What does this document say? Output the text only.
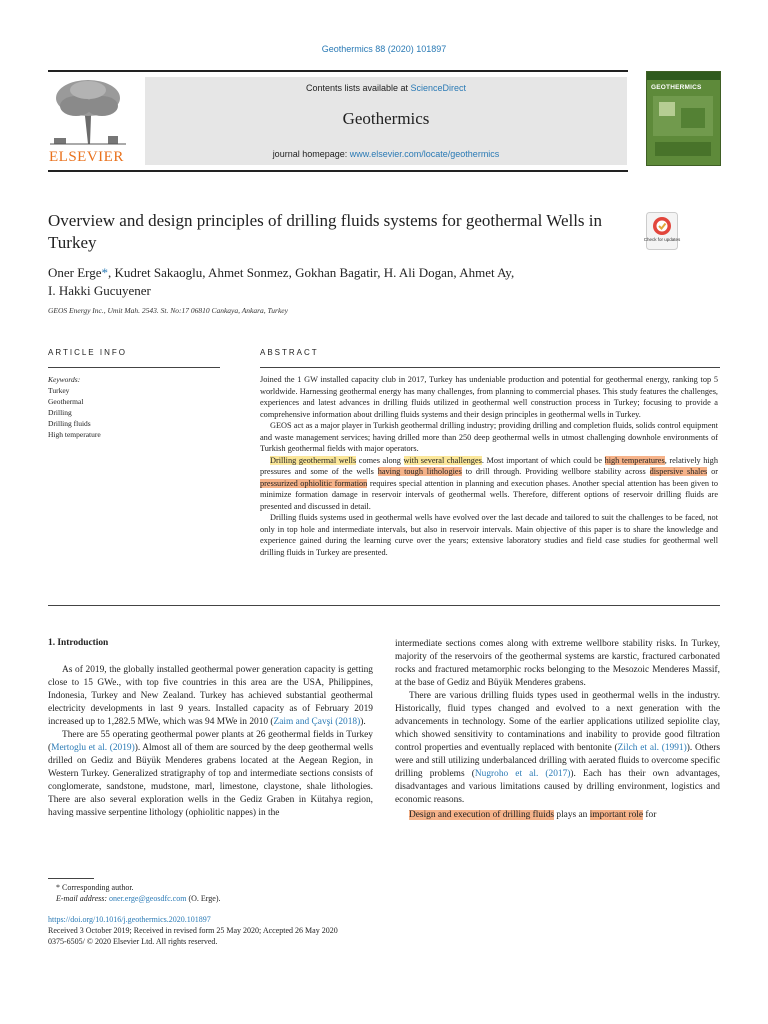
Geothermics 88 (2020) 101897
ELSEVIER
Contents lists available at ScienceDirect
Geothermics
journal homepage: www.elsevier.com/locate/geothermics
GEOTHERMICS
Overview and design principles of drilling fluids systems for geothermal Wells in Turkey	Check for updates
Oner Erge*, Kudret Sakaoglu, Ahmet Sonmez, Gokhan Bagatir, H. Ali Dogan, Ahmet Ay,
I. Hakki Gucuyener
GEOS Energy Inc., Umit Mah. 2543. St. No:17 06810 Cankaya, Ankara, Turkey
ARTICLE INFO	ABSTRACT
Keywords:
Turkey
Geothermal
Drilling
Drilling fluids
High temperature

Joined the 1 GW installed capacity club in 2017, Turkey has undeniable production and potential for geothermal energy, ranking top 5 worldwide. Harnessing geothermal energy has many challenges, from planning to commercial phases. This study features the challenges, experiences and latest advances in drilling fluids utilized in geothermal well construction process in Turkey; focusing to provide a comprehensive information about drilling fluids systems and their design principles in geothermal wells in Turkey.

GEOS act as a major player in Turkish geothermal drilling industry; providing drilling and completion fluids, solids control equipment and waste management services; having drilled more than 250 deep geothermal wells in utmost challenging downhole environments of Turkish geothermal fields with major operators.

Drilling geothermal wells comes along with several challenges. Most important of which could be high temperatures, relatively high pressures and some of the wells having tough lithologies to drill through. Providing wellbore stability across dispersive shales or pressurized ophiolitic formation requires special attention in planning and execution phases. Another special attention has been given to minimize formation damage in reservoir intervals of geothermal wells. Therefore, different options of reservoir drilling fluids are presented and discussed in detail.

Drilling fluids systems used in geothermal wells have evolved over the last decade and tailored to suit the challenges to be faced, not only in top hole and intermediate intervals, but also in reservoir intervals. Main objective of this paper is to share the knowledge and experience gained during the learning curve over the years; extensive laboratory studies and field case studies for geothermal well drilling fluids in Turkey are presented.

1. Introduction

As of 2019, the globally installed geothermal power generation capacity is getting close to 15 GWe., with top five countries in this area are the USA, Philippines, Indonesia, Turkey and New Zealand. Turkey has achieved substantial geothermal electricity developments in last 9 years. Installed capacity as of February 2019 increased up to 1,282.5 MWe, which was 94 MWe in 2010 (Zaim and Çavşi (2018)).

There are 55 operating geothermal power plants at 26 geothermal fields in Turkey (Mertoglu et al. (2019)). Almost all of them are sourced by the deep geothermal wells drilled on Gediz and Büyük Menderes grabens located at the Aegean Region, in Western Turkey. Generalized stratigraphy of top and intermediate sections consists of conglomerate, sandstone, mudstone, marl, limestone, claystone, shale lithologies. There are also several exploration wells in the Gediz Graben in Kütahya region, having massive serpentine lithology (ophiolitic nappes) in the

intermediate sections comes along with extreme wellbore stability risks. In Turkey, majority of the reservoirs of the geothermal systems are karstic, fractured carbonated rocks and fractured metamorphic rocks belonging to the Mesozoic Menderes Massif, at the base of Gediz and Büyük Menderes grabens.

There are various drilling fluids types used in geothermal wells in the industry. Historically, fluid types changed and evolved to a next generation with the advancements in technology. Some of the earlier applications utilized sepiolite clay, which showed sensitivity to contaminations and inability to provide good filtration control properties and eventually replaced with bentonite (Zilch et al. (1991)). Others were and still utilizing underbalanced drilling with aerated fluids to overcome specific drilling problems (Nugroho et al. (2017)). Each has their own advantages, disadvantages and various limitations caused by drilling environment, logistics and economic reasons.

Design and execution of drilling fluids plays an important role for

* Corresponding author.
E-mail address: oner.erge@geosdfc.com (O. Erge).
https://doi.org/10.1016/j.geothermics.2020.101897
Received 3 October 2019; Received in revised form 25 May 2020; Accepted 26 May 2020
0375-6505/ © 2020 Elsevier Ltd. All rights reserved.
